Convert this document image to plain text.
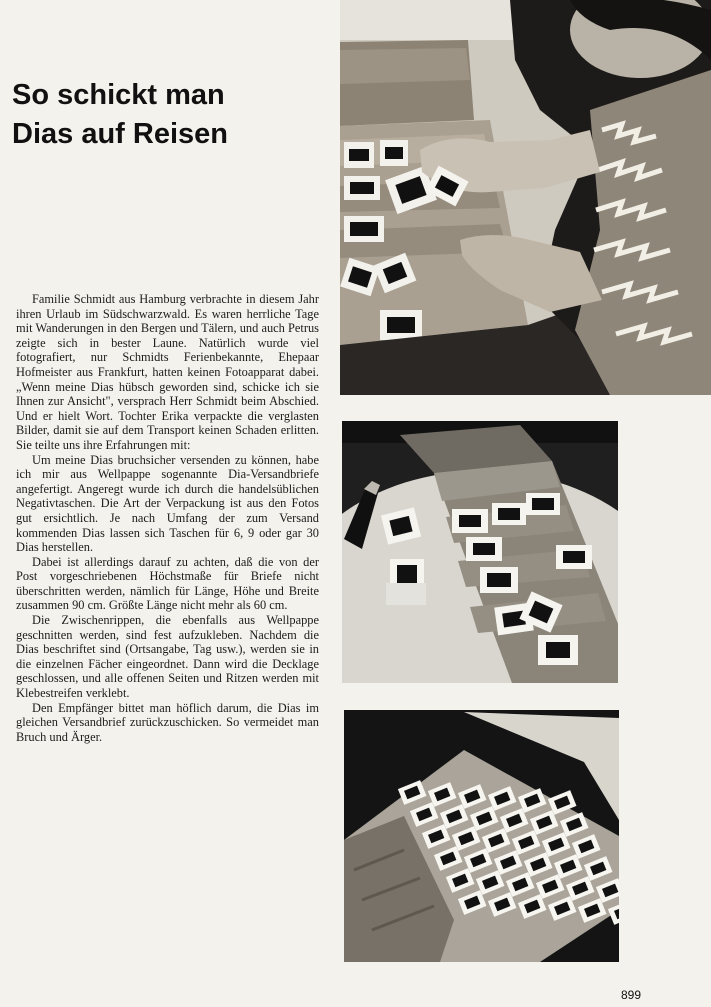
So schickt man
Dias auf Reisen

Familie Schmidt aus Hamburg verbrachte in diesem Jahr ihren Urlaub im Südschwarzwald. Es waren herrliche Tage mit Wanderungen in den Bergen und Tälern, und auch Petrus zeigte sich in bester Laune. Natürlich wurde viel fotografiert, nur Schmidts Ferienbekannte, Ehepaar Hofmeister aus Frankfurt, hatten keinen Fotoapparat dabei. „Wenn meine Dias hübsch geworden sind, schicke ich sie Ihnen zur Ansicht", versprach Herr Schmidt beim Abschied. Und er hielt Wort. Tochter Erika verpackte die verglasten Bilder, damit sie auf dem Transport keinen Schaden erlitten. Sie teilte uns ihre Erfahrungen mit:

Um meine Dias bruchsicher versenden zu können, habe ich mir aus Wellpappe sogenannte Dia-Versandbriefe angefertigt. Angeregt wurde ich durch die handelsüblichen Negativtaschen. Die Art der Verpackung ist aus den Fotos gut ersichtlich. Je nach Umfang der zum Versand kommenden Dias lassen sich Taschen für 6, 9 oder gar 30 Dias herstellen.

Dabei ist allerdings darauf zu achten, daß die von der Post vorgeschriebenen Höchstmaße für Briefe nicht überschritten werden, nämlich für Länge, Höhe und Breite zusammen 90 cm. Größte Länge nicht mehr als 60 cm.

Die Zwischenrippen, die ebenfalls aus Wellpappe geschnitten werden, sind fest aufzukleben. Nachdem die Dias beschriftet sind (Ortsangabe, Tag usw.), werden sie in die einzelnen Fächer eingeordnet. Dann wird die Decklage geschlossen, und alle offenen Seiten und Ritzen werden mit Klebestreifen verklebt.

Den Empfänger bittet man höflich darum, die Dias im gleichen Versandbrief zurückzuschicken. So vermeidet man Bruch und Ärger.

899
